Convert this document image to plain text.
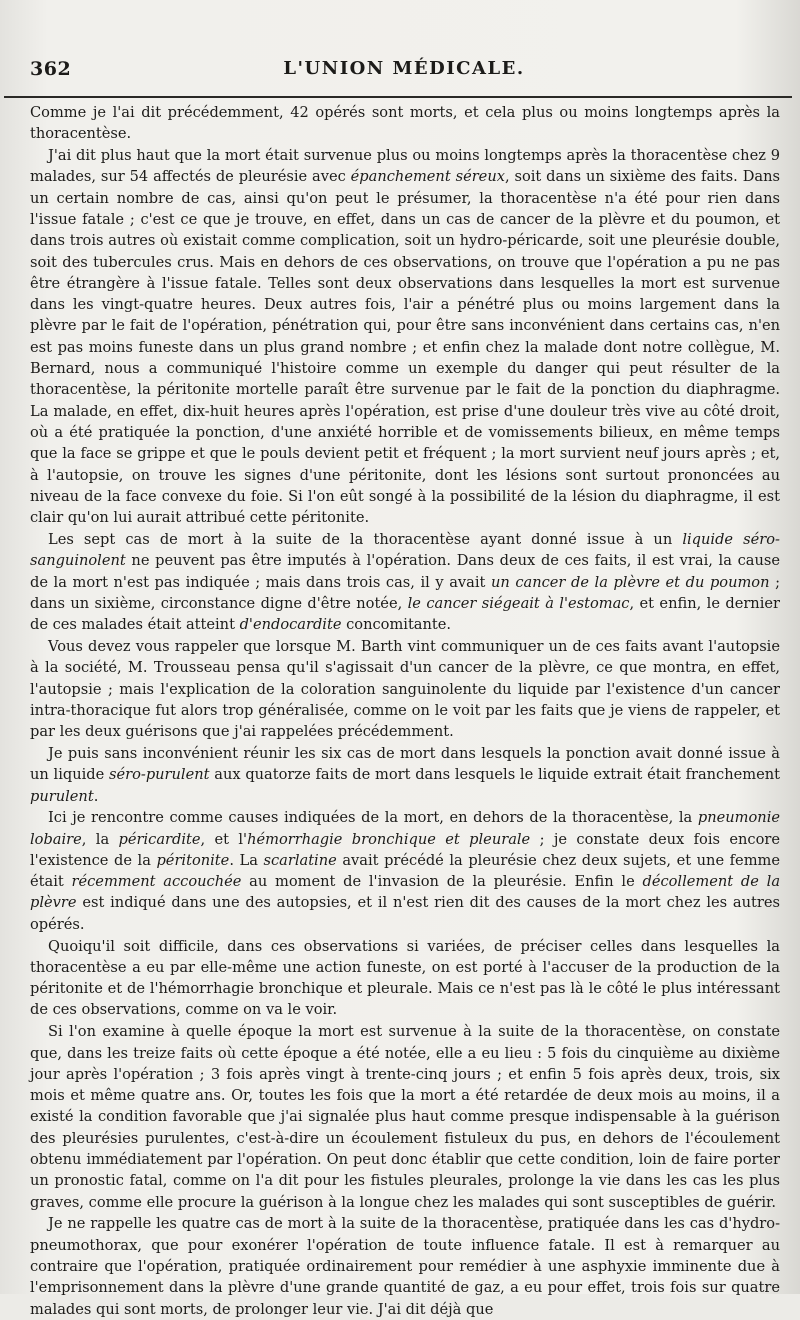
362	L'UNION MÉDICALE.

Comme je l'ai dit précédemment, 42 opérés sont morts, et cela plus ou moins longtemps après la thoracentèse.

J'ai dit plus haut que la mort était survenue plus ou moins longtemps après la thoracentèse chez 9 malades, sur 54 affectés de pleurésie avec épanchement séreux, soit dans un sixième des faits. Dans un certain nombre de cas, ainsi qu'on peut le présumer, la thoracentèse n'a été pour rien dans l'issue fatale ; c'est ce que je trouve, en effet, dans un cas de cancer de la plèvre et du poumon, et dans trois autres où existait comme complication, soit un hydro-péricarde, soit une pleurésie double, soit des tubercules crus. Mais en dehors de ces observations, on trouve que l'opération a pu ne pas être étrangère à l'issue fatale. Telles sont deux observations dans lesquelles la mort est survenue dans les vingt-quatre heures. Deux autres fois, l'air a pénétré plus ou moins largement dans la plèvre par le fait de l'opération, pénétration qui, pour être sans inconvénient dans certains cas, n'en est pas moins funeste dans un plus grand nombre ; et enfin chez la malade dont notre collègue, M. Bernard, nous a communiqué l'histoire comme un exemple du danger qui peut résulter de la thoracentèse, la péritonite mortelle paraît être survenue par le fait de la ponction du diaphragme. La malade, en effet, dix-huit heures après l'opération, est prise d'une douleur très vive au côté droit, où a été pratiquée la ponction, d'une anxiété horrible et de vomissements bilieux, en même temps que la face se grippe et que le pouls devient petit et fréquent ; la mort survient neuf jours après ; et, à l'autopsie, on trouve les signes d'une péritonite, dont les lésions sont surtout prononcées au niveau de la face convexe du foie. Si l'on eût songé à la possibilité de la lésion du diaphragme, il est clair qu'on lui aurait attribué cette péritonite.

Les sept cas de mort à la suite de la thoracentèse ayant donné issue à un liquide séro-sanguinolent ne peuvent pas être imputés à l'opération. Dans deux de ces faits, il est vrai, la cause de la mort n'est pas indiquée ; mais dans trois cas, il y avait un cancer de la plèvre et du poumon ; dans un sixième, circonstance digne d'être notée, le cancer siégeait à l'estomac, et enfin, le dernier de ces malades était atteint d'endocardite concomitante.

Vous devez vous rappeler que lorsque M. Barth vint communiquer un de ces faits avant l'autopsie à la société, M. Trousseau pensa qu'il s'agissait d'un cancer de la plèvre, ce que montra, en effet, l'autopsie ; mais l'explication de la coloration sanguinolente du liquide par l'existence d'un cancer intra-thoracique fut alors trop généralisée, comme on le voit par les faits que je viens de rappeler, et par les deux guérisons que j'ai rappelées précédemment.

Je puis sans inconvénient réunir les six cas de mort dans lesquels la ponction avait donné issue à un liquide séro-purulent aux quatorze faits de mort dans lesquels le liquide extrait était franchement purulent.

Ici je rencontre comme causes indiquées de la mort, en dehors de la thoracentèse, la pneumonie lobaire, la péricardite, et l'hémorrhagie bronchique et pleurale ; je constate deux fois encore l'existence de la péritonite. La scarlatine avait précédé la pleurésie chez deux sujets, et une femme était récemment accouchée au moment de l'invasion de la pleurésie. Enfin le décollement de la plèvre est indiqué dans une des autopsies, et il n'est rien dit des causes de la mort chez les autres opérés.

Quoiqu'il soit difficile, dans ces observations si variées, de préciser celles dans lesquelles la thoracentèse a eu par elle-même une action funeste, on est porté à l'accuser de la production de la péritonite et de l'hémorrhagie bronchique et pleurale. Mais ce n'est pas là le côté le plus intéressant de ces observations, comme on va le voir.

Si l'on examine à quelle époque la mort est survenue à la suite de la thoracentèse, on constate que, dans les treize faits où cette époque a été notée, elle a eu lieu : 5 fois du cinquième au dixième jour après l'opération ; 3 fois après vingt à trente-cinq jours ; et enfin 5 fois après deux, trois, six mois et même quatre ans. Or, toutes les fois que la mort a été retardée de deux mois au moins, il a existé la condition favorable que j'ai signalée plus haut comme presque indispensable à la guérison des pleurésies purulentes, c'est-à-dire un écoulement fistuleux du pus, en dehors de l'écoulement obtenu immédiatement par l'opération. On peut donc établir que cette condition, loin de faire porter un pronostic fatal, comme on l'a dit pour les fistules pleurales, prolonge la vie dans les cas les plus graves, comme elle procure la guérison à la longue chez les malades qui sont susceptibles de guérir.

Je ne rappelle les quatre cas de mort à la suite de la thoracentèse, pratiquée dans les cas d'hydro-pneumothorax, que pour exonérer l'opération de toute influence fatale. Il est à remarquer au contraire que l'opération, pratiquée ordinairement pour remédier à une asphyxie imminente due à l'emprisonnement dans la plèvre d'une grande quantité de gaz, a eu pour effet, trois fois sur quatre malades qui sont morts, de prolonger leur vie. J'ai dit déjà que
